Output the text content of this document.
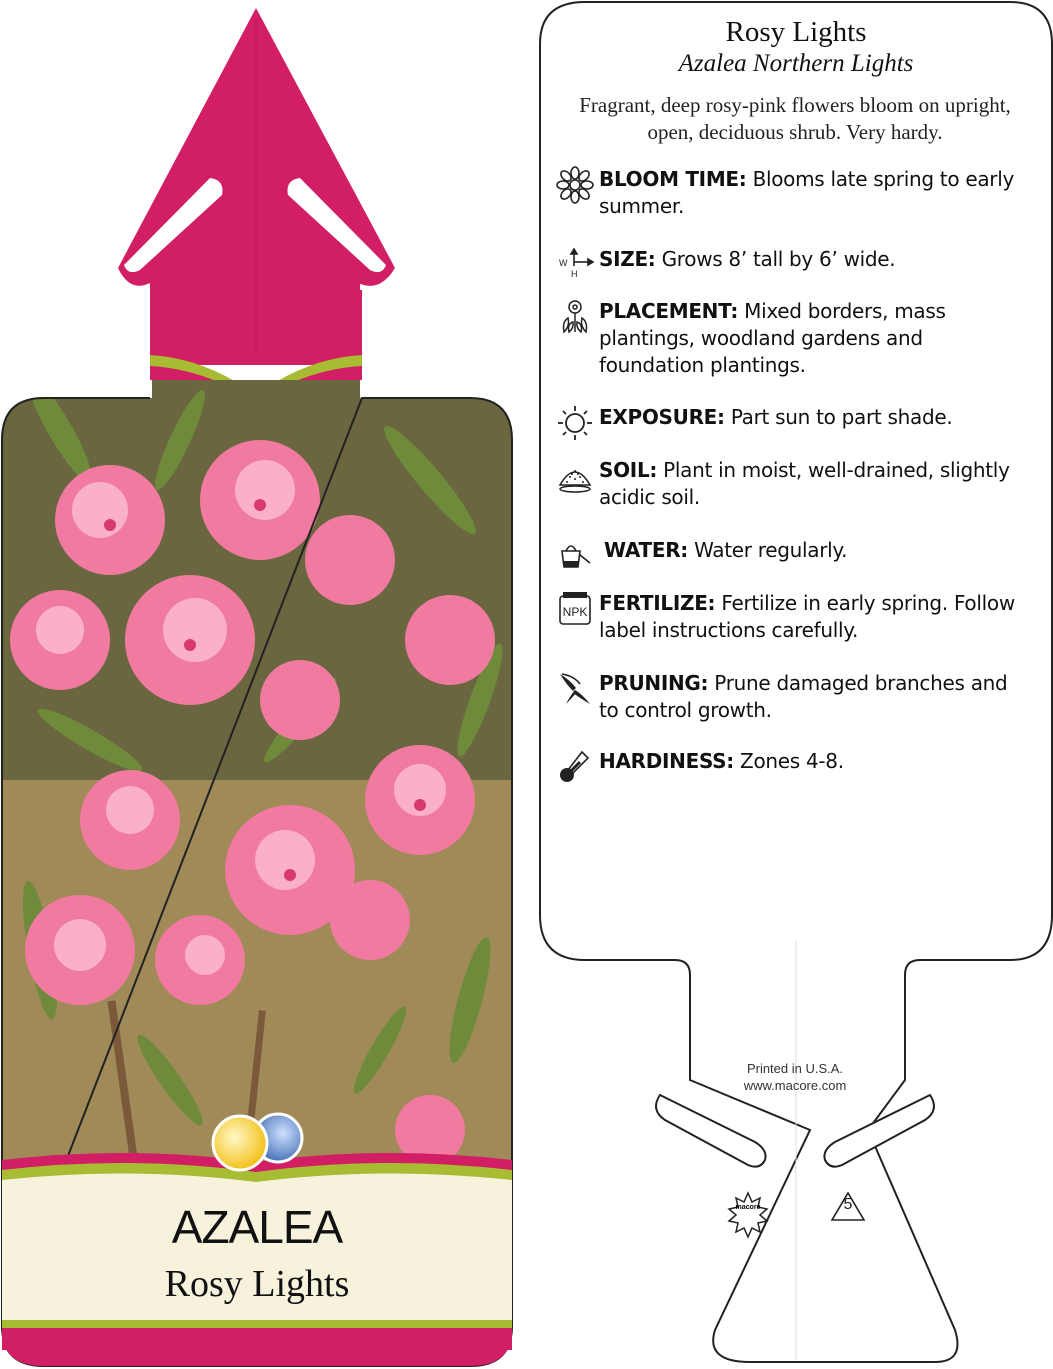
AZALEA
Rosy Lights
Rosy Lights
Azalea Northern Lights
Fragrant, deep rosy-pink flowers bloom on upright, open, deciduous shrub. Very hardy.
BLOOM TIME: Blooms late spring to early summer.
W
H
SIZE: Grows 8’ tall by 6’ wide.
PLACEMENT: Mixed borders, mass plantings, woodland gardens and foundation plantings.
EXPOSURE: Part sun to part shade.
SOIL: Plant in moist, well-drained, slightly acidic soil.
WATER: Water regularly.
NPK FERTILIZE: Fertilize in early spring. Follow label instructions carefully.
PRUNING: Prune damaged branches and to control growth.
HARDINESS: Zones 4-8.
Printed in U.S.A.
www.macore.com
macore	5
